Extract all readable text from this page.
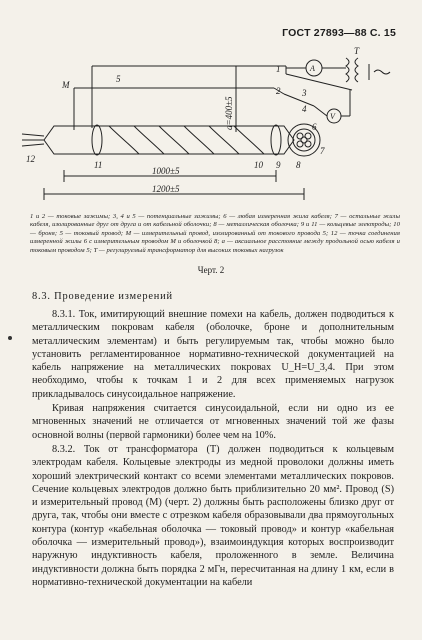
ГОСТ 27893—88 С. 15
M
5
1
2 3
4
6
7
T
A
V
a=400±5
12
11	10 9 8
1000±5
1200±5
1 и 2 — токовые зажимы; 3, 4 и 5 — потенциальные зажимы; 6 — любая измеренная жила кабеля; 7 — остальные жилы кабеля, изолированные друг от друга и от кабельной оболочки; 8 — металлическая оболочка; 9 и 11 — кольцевые электроды; 10 — броня; 5 — токовый провод; M — измерительный провод, изолированный от токового провода 5; 12 — точка соединения измеренной жилы 6 с измерительным проводом M и оболочкой 8; a — аксиальное расстояние между продольной осью кабеля и токовым проводом 5; T — регулируемый трансформатор для высоких токовых нагрузок
Черт. 2
8.3. Проведение измерений

8.3.1. Ток, имитирующий внешние помехи на кабель, должен подводиться к металлическим покровам кабеля (оболочке, броне и дополнительным металлическим элементам) и быть регулируемым так, чтобы можно было установить регламентированное нормативно-технической документацией на кабель напряжение на металлических покровах U_H=U_3,4. При этом необходимо, чтобы к точкам 1 и 2 для всех применяемых нагрузок прикладывалось синусоидальное напряжение.

Кривая напряжения считается синусоидальной, если ни одно из ее мгновенных значений не отличается от мгновенных значений той же фазы основной волны (первой гармоники) более чем на 10%.

8.3.2. Ток от трансформатора (T) должен подводиться к кольцевым электродам кабеля. Кольцевые электроды из медной проволоки должны иметь хороший электрический контакт со всеми элементами металлических покровов. Сечение кольцевых электродов должно быть приблизительно 20 мм². Провод (S) и измерительный провод (M) (черт. 2) должны быть расположены близко друг от друга, так, чтобы они вместе с отрезком кабеля образовывали два прямоугольных контура (контур «кабельная оболочка — токовый провод» и контур «кабельная оболочка — измерительный провод»), взаимоиндукция которых воспроизводит наружную индуктивность кабеля, проложенного в земле. Величина индуктивности должна быть порядка 2 мГн, пересчитанная на длину 1 км, если в нормативно-технической документации на кабели
